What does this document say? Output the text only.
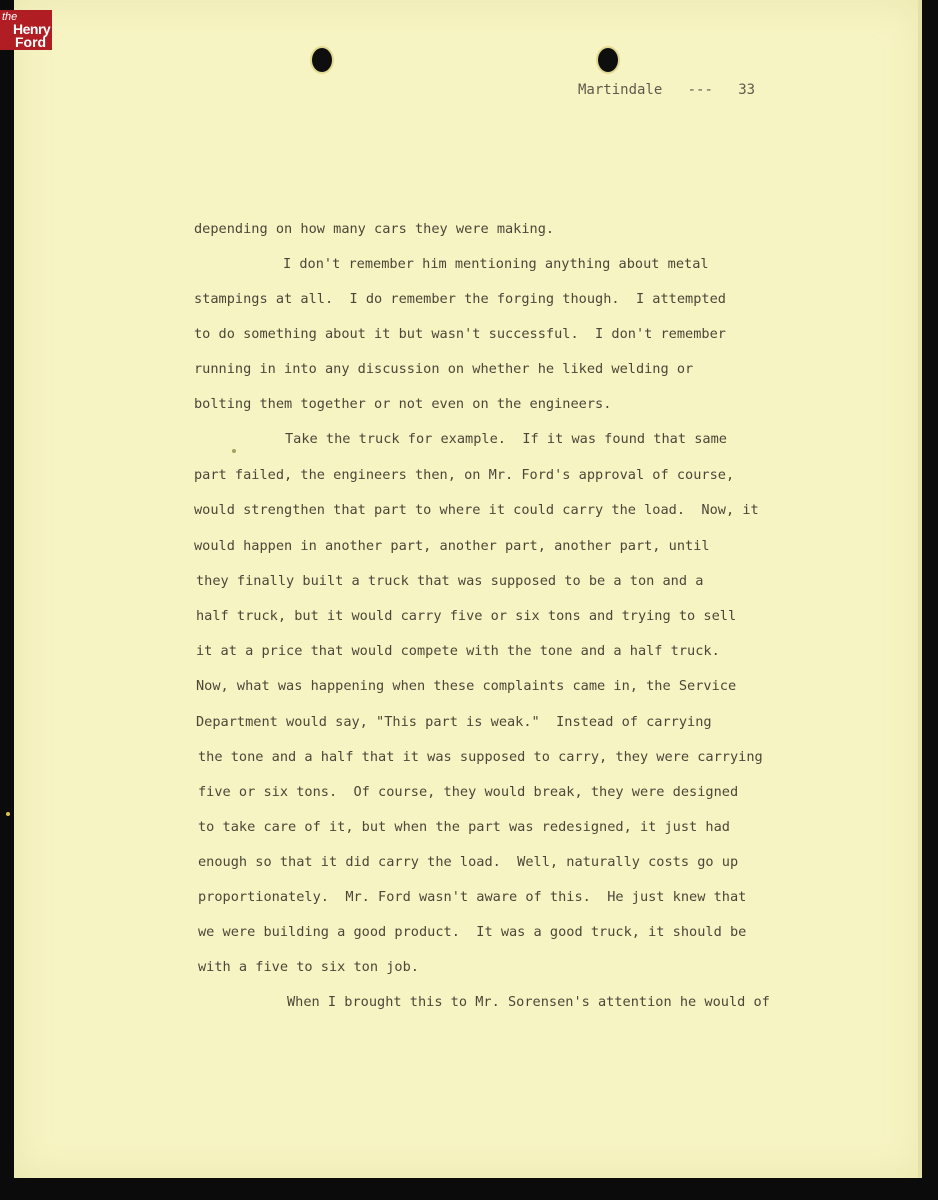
the
Henry
Ford
Martindale --- 33
depending on how many cars they were making.
I don't remember him mentioning anything about metal
stampings at all.  I do remember the forging though.  I attempted
to do something about it but wasn't successful.  I don't remember
running in into any discussion on whether he liked welding or
bolting them together or not even on the engineers.
Take the truck for example.  If it was found that same
part failed, the engineers then, on Mr. Ford's approval of course,
would strengthen that part to where it could carry the load.  Now, it
would happen in another part, another part, another part, until
they finally built a truck that was supposed to be a ton and a
half truck, but it would carry five or six tons and trying to sell
it at a price that would compete with the tone and a half truck.
Now, what was happening when these complaints came in, the Service
Department would say, "This part is weak."  Instead of carrying
the tone and a half that it was supposed to carry, they were carrying
five or six tons.  Of course, they would break, they were designed
to take care of it, but when the part was redesigned, it just had
enough so that it did carry the load.  Well, naturally costs go up
proportionately.  Mr. Ford wasn't aware of this.  He just knew that
we were building a good product.  It was a good truck, it should be
with a five to six ton job.
When I brought this to Mr. Sorensen's attention he would of
